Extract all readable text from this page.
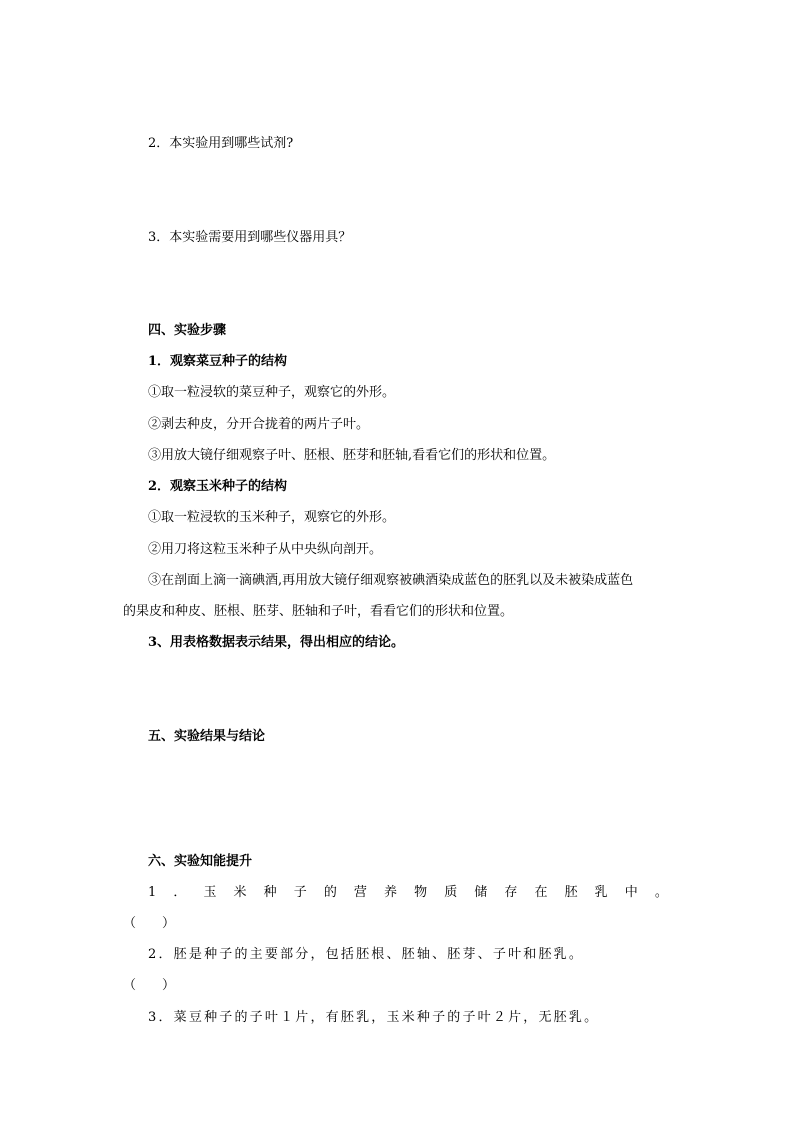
2．本实验用到哪些试剂?
3．本实验需要用到哪些仪器用具？
四、实验步骤
1．观察菜豆种子的结构
①取一粒浸软的菜豆种子，观察它的外形。
②剥去种皮，分开合拢着的两片子叶。
③用放大镜仔细观察子叶、胚根、胚芽和胚轴,看看它们的形状和位置。
2．观察玉米种子的结构
①取一粒浸软的玉米种子，观察它的外形。
②用刀将这粒玉米种子从中央纵向剖开。
③在剖面上滴一滴碘酒,再用放大镜仔细观察被碘酒染成蓝色的胚乳以及未被染成蓝色
的果皮和种皮、胚根、胚芽、胚轴和子叶，看看它们的形状和位置。
3、用表格数据表示结果，得出相应的结论。
五、实验结果与结论
六、实验知能提升
1 ． 玉 米 种 子 的 营 养 物 质 储 存 在 胚 乳 中 。
（　　）
2．胚是种子的主要部分，包括胚根、胚轴、胚芽、子叶和胚乳。
（　　）
3．菜豆种子的子叶１片，有胚乳，玉米种子的子叶２片，无胚乳。
